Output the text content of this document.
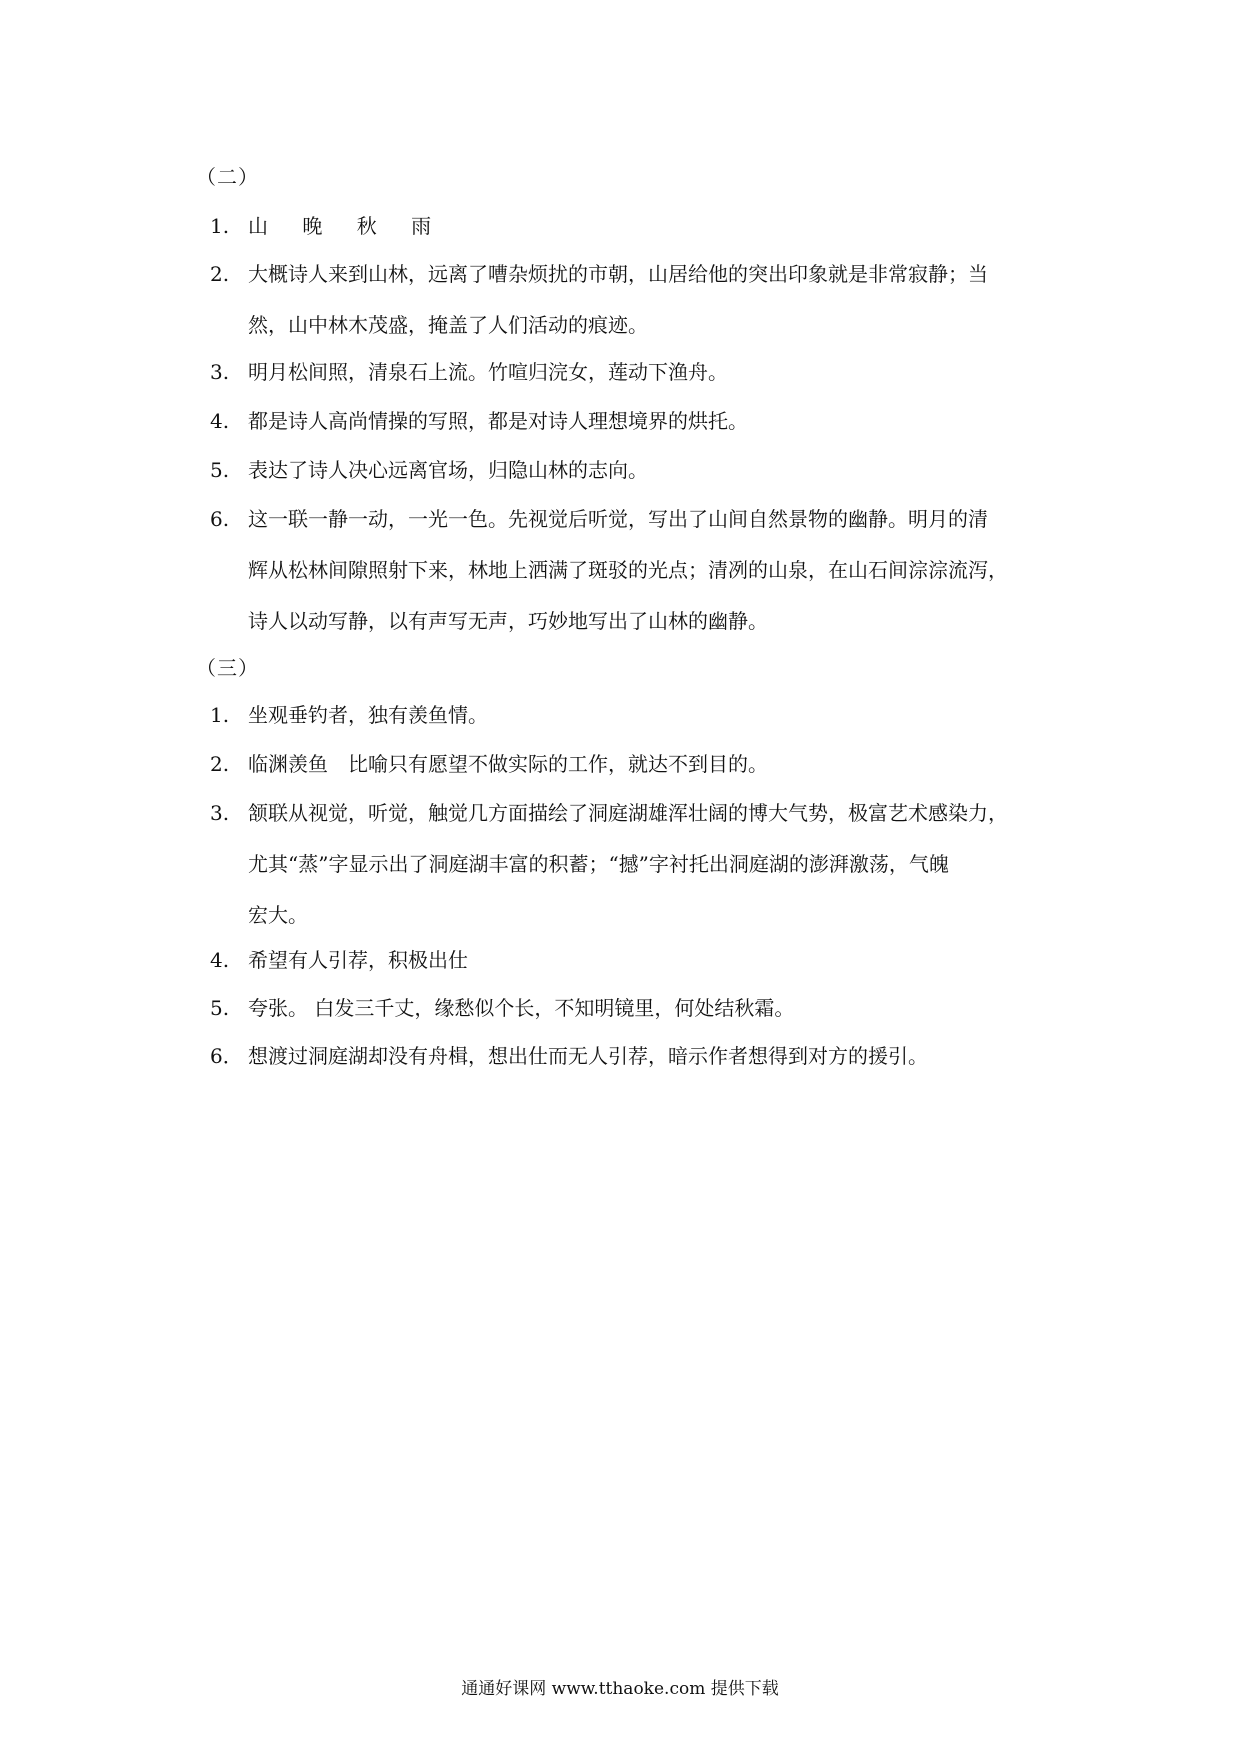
（二）
1. 山 晚 秋 雨
2. 大概诗人来到山林，远离了嘈杂烦扰的市朝，山居给他的突出印象就是非常寂静；当
然，山中林木茂盛，掩盖了人们活动的痕迹。
3. 明月松间照，清泉石上流。竹喧归浣女，莲动下渔舟。
4. 都是诗人高尚情操的写照，都是对诗人理想境界的烘托。
5. 表达了诗人决心远离官场，归隐山林的志向。
6. 这一联一静一动，一光一色。先视觉后听觉，写出了山间自然景物的幽静。明月的清
辉从松林间隙照射下来，林地上洒满了斑驳的光点；清冽的山泉，在山石间淙淙流泻，
诗人以动写静，以有声写无声，巧妙地写出了山林的幽静。
（三）
1. 坐观垂钓者，独有羡鱼情。
2. 临渊羡鱼　比喻只有愿望不做实际的工作，就达不到目的。
3. 颔联从视觉，听觉，触觉几方面描绘了洞庭湖雄浑壮阔的博大气势，极富艺术感染力，
尤其“蒸”字显示出了洞庭湖丰富的积蓄；“撼”字衬托出洞庭湖的澎湃激荡，气魄
宏大。
4. 希望有人引荐，积极出仕
5. 夸张。 白发三千丈，缘愁似个长，不知明镜里，何处结秋霜。
6． 想渡过洞庭湖却没有舟楫，想出仕而无人引荐，暗示作者想得到对方的援引。
通通好课网 www.tthaoke.com 提供下载
